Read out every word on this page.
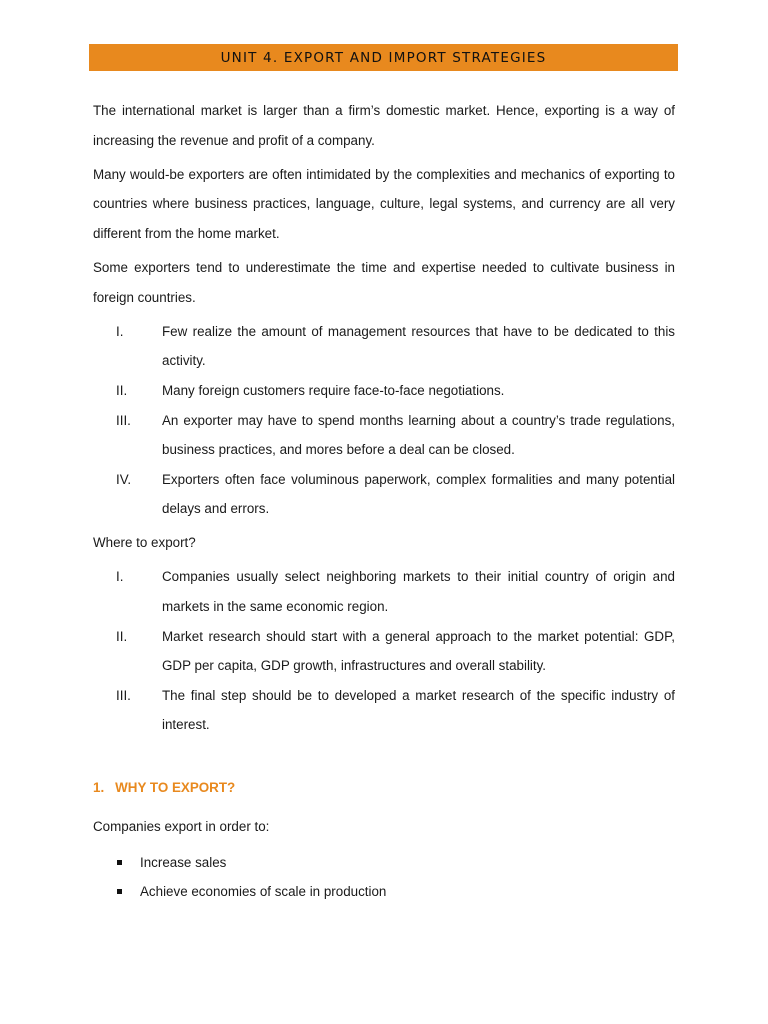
UNIT 4. EXPORT AND IMPORT STRATEGIES

The international market is larger than a firm’s domestic market. Hence, exporting is a way of increasing the revenue and profit of a company.

Many would-be exporters are often intimidated by the complexities and mechanics of exporting to countries where business practices, language, culture, legal systems, and currency are all very different from the home market.

Some exporters tend to underestimate the time and expertise needed to cultivate business in foreign countries.

I.	Few realize the amount of management resources that have to be dedicated to this activity.
II.	Many foreign customers require face-to-face negotiations.
III.	An exporter may have to spend months learning about a country’s trade regulations, business practices, and mores before a deal can be closed.
IV.	Exporters often face voluminous paperwork, complex formalities and many potential delays and errors.

Where to export?

I.	Companies usually select neighboring markets to their initial country of origin and markets in the same economic region.
II.	Market research should start with a general approach to the market potential: GDP, GDP per capita, GDP growth, infrastructures and overall stability.
III.	The final step should be to developed a market research of the specific industry of interest.
1. WHY TO EXPORT?

Companies export in order to:

Increase sales
Achieve economies of scale in production
